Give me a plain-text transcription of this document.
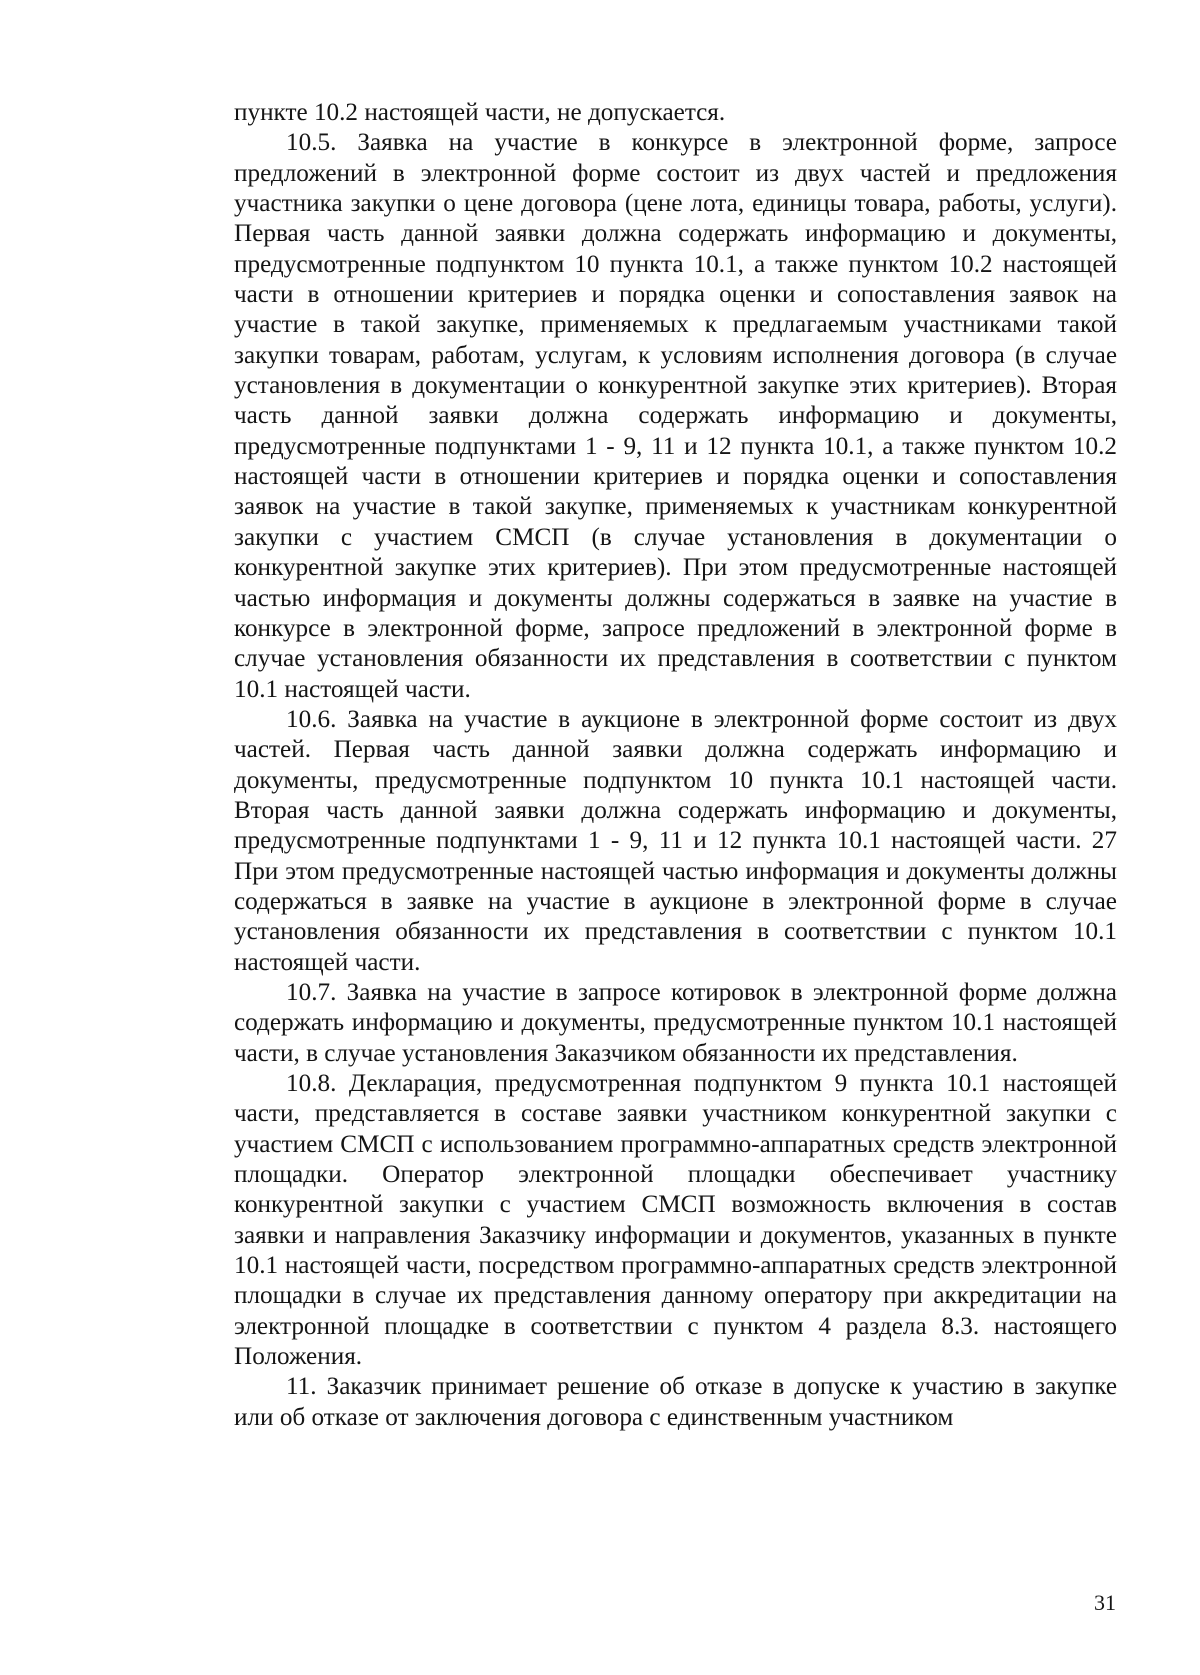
пункте 10.2 настоящей части, не допускается.

10.5. Заявка на участие в конкурсе в электронной форме, запросе предложений в электронной форме состоит из двух частей и предложения участника закупки о цене договора (цене лота, единицы товара, работы, услуги). Первая часть данной заявки должна содержать информацию и документы, предусмотренные подпунктом 10 пункта 10.1, а также пунктом 10.2 настоящей части в отношении критериев и порядка оценки и сопоставления заявок на участие в такой закупке, применяемых к предлагаемым участниками такой закупки товарам, работам, услугам, к условиям исполнения договора (в случае установления в документации о конкурентной закупке этих критериев). Вторая часть данной заявки должна содержать информацию и документы, предусмотренные подпунктами 1 - 9, 11 и 12 пункта 10.1, а также пунктом 10.2 настоящей части в отношении критериев и порядка оценки и сопоставления заявок на участие в такой закупке, применяемых к участникам конкурентной закупки с участием СМСП (в случае установления в документации о конкурентной закупке этих критериев). При этом предусмотренные настоящей частью информация и документы должны содержаться в заявке на участие в конкурсе в электронной форме, запросе предложений в электронной форме в случае установления обязанности их представления в соответствии с пунктом 10.1 настоящей части.

10.6. Заявка на участие в аукционе в электронной форме состоит из двух частей. Первая часть данной заявки должна содержать информацию и документы, предусмотренные подпунктом 10 пункта 10.1 настоящей части. Вторая часть данной заявки должна содержать информацию и документы, предусмотренные подпунктами 1 - 9, 11 и 12 пункта 10.1 настоящей части. 27 При этом предусмотренные настоящей частью информация и документы должны содержаться в заявке на участие в аукционе в электронной форме в случае установления обязанности их представления в соответствии с пунктом 10.1 настоящей части.

10.7. Заявка на участие в запросе котировок в электронной форме должна содержать информацию и документы, предусмотренные пунктом 10.1 настоящей части, в случае установления Заказчиком обязанности их представления.

10.8. Декларация, предусмотренная подпунктом 9 пункта 10.1 настоящей части, представляется в составе заявки участником конкурентной закупки с участием СМСП с использованием программно-аппаратных средств электронной площадки. Оператор электронной площадки обеспечивает участнику конкурентной закупки с участием СМСП возможность включения в состав заявки и направления Заказчику информации и документов, указанных в пункте 10.1 настоящей части, посредством программно-аппаратных средств электронной площадки в случае их представления данному оператору при аккредитации на электронной площадке в соответствии с пунктом 4 раздела 8.3. настоящего Положения.

11. Заказчик принимает решение об отказе в допуске к участию в закупке или об отказе от заключения договора с единственным участником

31
